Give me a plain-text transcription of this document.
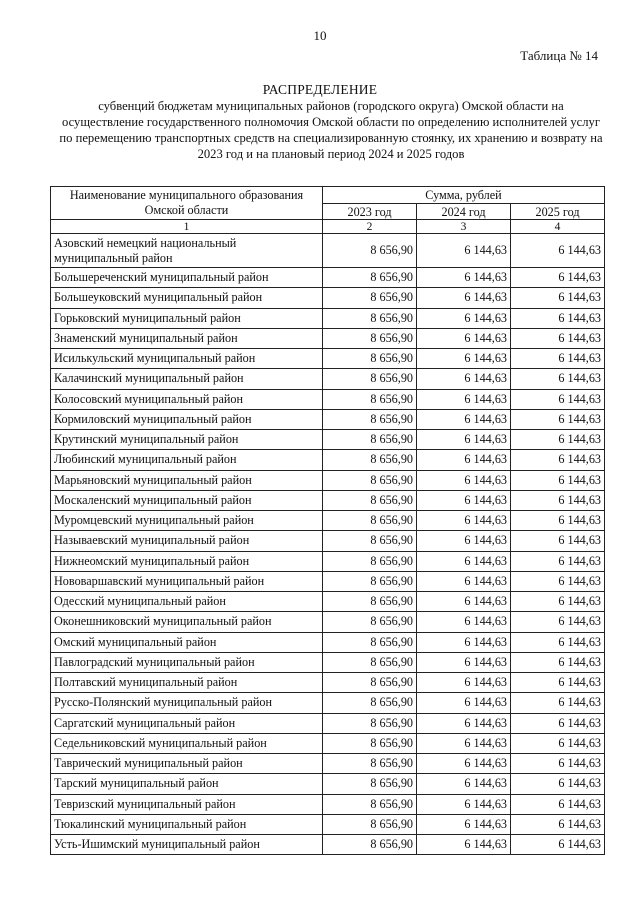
10
Таблица № 14
РАСПРЕДЕЛЕНИЕ
субвенций бюджетам муниципальных районов (городского округа) Омской области на осуществление государственного полномочия Омской области по определению исполнителей услуг по перемещению транспортных средств на специализированную стоянку, их хранению и возврату на 2023 год и на плановый период 2024 и 2025 годов
Наименование муниципального образования Омской области	Сумма, рублей		
	2023 год	2024 год	2025 год
1	2	3	4
Азовский немецкий национальный муниципальный район	8 656,90	6 144,63	6 144,63
Большереченский муниципальный район	8 656,90	6 144,63	6 144,63
Большеуковский муниципальный район	8 656,90	6 144,63	6 144,63
Горьковский муниципальный район	8 656,90	6 144,63	6 144,63
Знаменский муниципальный район	8 656,90	6 144,63	6 144,63
Исилькульский муниципальный район	8 656,90	6 144,63	6 144,63
Калачинский муниципальный район	8 656,90	6 144,63	6 144,63
Колосовский муниципальный район	8 656,90	6 144,63	6 144,63
Кормиловский муниципальный район	8 656,90	6 144,63	6 144,63
Крутинский муниципальный район	8 656,90	6 144,63	6 144,63
Любинский муниципальный район	8 656,90	6 144,63	6 144,63
Марьяновский муниципальный район	8 656,90	6 144,63	6 144,63
Москаленский муниципальный район	8 656,90	6 144,63	6 144,63
Муромцевский муниципальный район	8 656,90	6 144,63	6 144,63
Называевский муниципальный район	8 656,90	6 144,63	6 144,63
Нижнеомский муниципальный район	8 656,90	6 144,63	6 144,63
Нововаршавский муниципальный район	8 656,90	6 144,63	6 144,63
Одесский муниципальный район	8 656,90	6 144,63	6 144,63
Оконешниковский муниципальный район	8 656,90	6 144,63	6 144,63
Омский муниципальный район	8 656,90	6 144,63	6 144,63
Павлоградский муниципальный район	8 656,90	6 144,63	6 144,63
Полтавский муниципальный район	8 656,90	6 144,63	6 144,63
Русско-Полянский муниципальный район	8 656,90	6 144,63	6 144,63
Саргатский муниципальный район	8 656,90	6 144,63	6 144,63
Седельниковский муниципальный район	8 656,90	6 144,63	6 144,63
Таврический муниципальный район	8 656,90	6 144,63	6 144,63
Тарский муниципальный район	8 656,90	6 144,63	6 144,63
Тевризский муниципальный район	8 656,90	6 144,63	6 144,63
Тюкалинский муниципальный район	8 656,90	6 144,63	6 144,63
Усть-Ишимский муниципальный район	8 656,90	6 144,63	6 144,63
